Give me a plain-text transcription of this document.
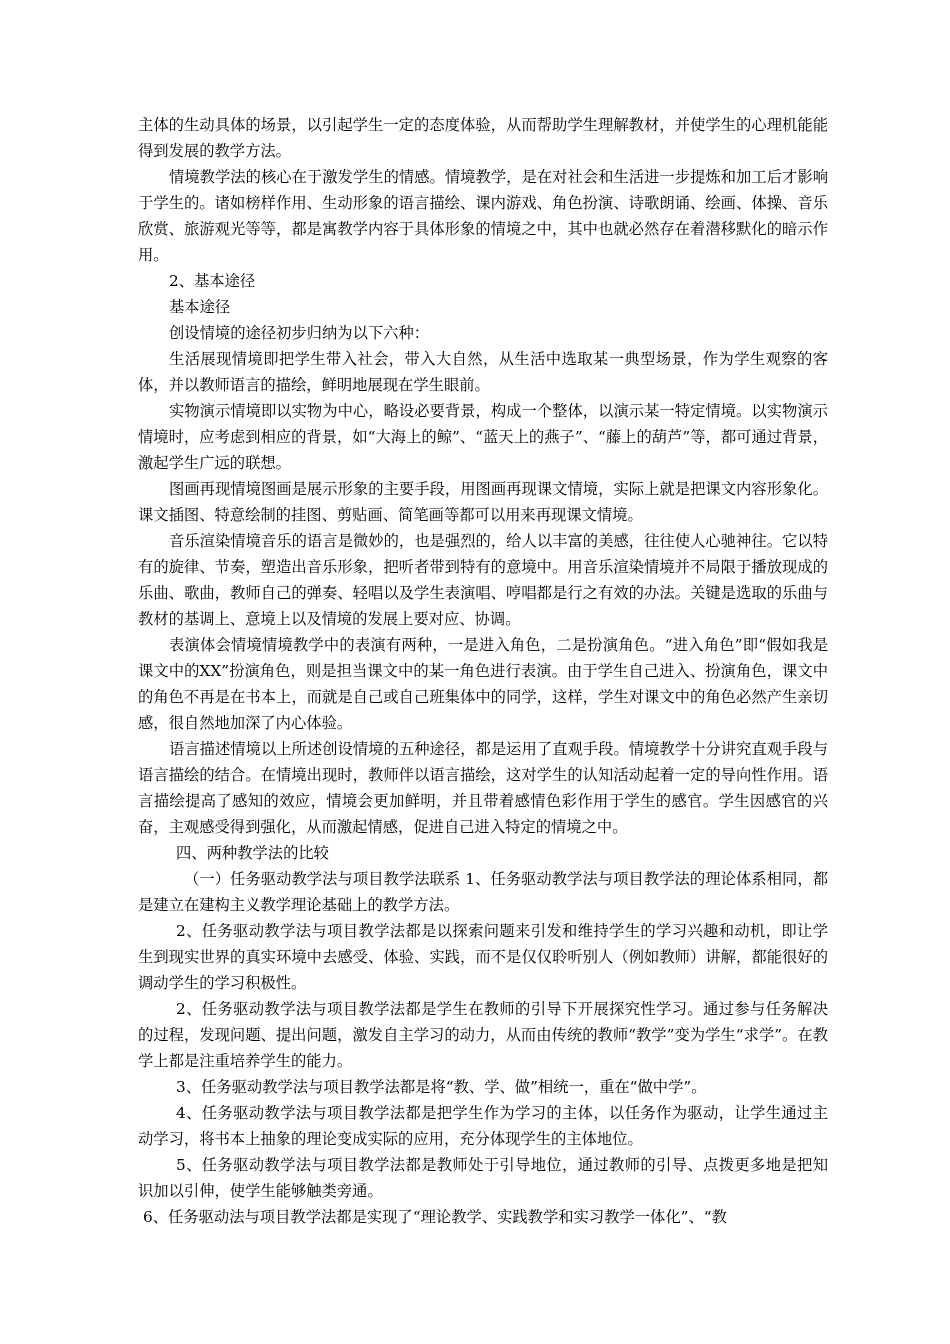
主体的生动具体的场景，以引起学生一定的态度体验，从而帮助学生理解教材，并使学生的心理机能能得到发展的教学方法。

情境教学法的核心在于激发学生的情感。情境教学，是在对社会和生活进一步提炼和加工后才影响于学生的。诸如榜样作用、生动形象的语言描绘、课内游戏、角色扮演、诗歌朗诵、绘画、体操、音乐欣赏、旅游观光等等，都是寓教学内容于具体形象的情境之中，其中也就必然存在着潜移默化的暗示作用。

2、基本途径

基本途径

创设情境的途径初步归纳为以下六种：

生活展现情境即把学生带入社会，带入大自然，从生活中选取某一典型场景，作为学生观察的客体，并以教师语言的描绘，鲜明地展现在学生眼前。

实物演示情境即以实物为中心，略设必要背景，构成一个整体，以演示某一特定情境。以实物演示情境时，应考虑到相应的背景，如“大海上的鲸”、“蓝天上的燕子”、“藤上的葫芦”等，都可通过背景，激起学生广远的联想。

图画再现情境图画是展示形象的主要手段，用图画再现课文情境，实际上就是把课文内容形象化。课文插图、特意绘制的挂图、剪贴画、简笔画等都可以用来再现课文情境。

音乐渲染情境音乐的语言是微妙的，也是强烈的，给人以丰富的美感，往往使人心驰神往。它以特有的旋律、节奏，塑造出音乐形象，把听者带到特有的意境中。用音乐渲染情境并不局限于播放现成的乐曲、歌曲，教师自己的弹奏、轻唱以及学生表演唱、哼唱都是行之有效的办法。关键是选取的乐曲与教材的基调上、意境上以及情境的发展上要对应、协调。

表演体会情境情境教学中的表演有两种，一是进入角色，二是扮演角色。“进入角色”即“假如我是课文中的XX”扮演角色，则是担当课文中的某一角色进行表演。由于学生自己进入、扮演角色，课文中的角色不再是在书本上，而就是自己或自己班集体中的同学，这样，学生对课文中的角色必然产生亲切感，很自然地加深了内心体验。

语言描述情境以上所述创设情境的五种途径，都是运用了直观手段。情境教学十分讲究直观手段与语言描绘的结合。在情境出现时，教师伴以语言描绘，这对学生的认知活动起着一定的导向性作用。语言描绘提高了感知的效应，情境会更加鲜明，并且带着感情色彩作用于学生的感官。学生因感官的兴奋，主观感受得到强化，从而激起情感，促进自己进入特定的情境之中。

四、两种教学法的比较

（一）任务驱动教学法与项目教学法联系 1、任务驱动教学法与项目教学法的理论体系相同，都是建立在建构主义教学理论基础上的教学方法。

2、任务驱动教学法与项目教学法都是以探索问题来引发和维持学生的学习兴趣和动机，即让学生到现实世界的真实环境中去感受、体验、实践，而不是仅仅聆听别人（例如教师）讲解，都能很好的调动学生的学习积极性。

2、任务驱动教学法与项目教学法都是学生在教师的引导下开展探究性学习。通过参与任务解决的过程，发现问题、提出问题，激发自主学习的动力，从而由传统的教师“教学”变为学生“求学”。在教学上都是注重培养学生的能力。

3、任务驱动教学法与项目教学法都是将“教、学、做”相统一，重在“做中学”。

4、任务驱动教学法与项目教学法都是把学生作为学习的主体，以任务作为驱动，让学生通过主动学习，将书本上抽象的理论变成实际的应用，充分体现学生的主体地位。

5、任务驱动教学法与项目教学法都是教师处于引导地位，通过教师的引导、点拨更多地是把知识加以引伸，使学生能够触类旁通。

6、任务驱动法与项目教学法都是实现了“理论教学、实践教学和实习教学一体化”、“教
